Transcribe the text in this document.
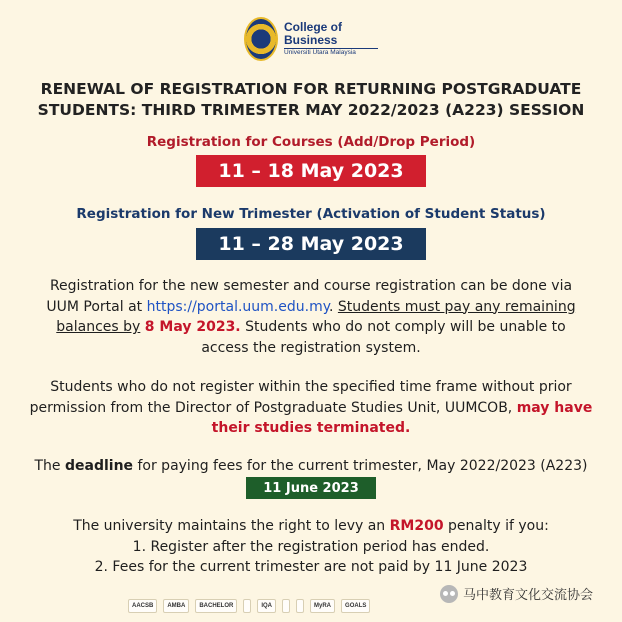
College of
Business
Universiti Utara Malaysia
RENEWAL OF REGISTRATION FOR RETURNING POSTGRADUATE
STUDENTS: THIRD TRIMESTER MAY 2022/2023 (A223) SESSION
Registration for Courses (Add/Drop Period)
11 – 18 May 2023
Registration for New Trimester (Activation of Student Status)
11 – 28 May 2023
Registration for the new semester and course registration can be done via
UUM Portal at https://portal.uum.edu.my. Students must pay any remaining
balances by 8 May 2023. Students who do not comply will be unable to
access the registration system.
Students who do not register within the specified time frame without prior
permission from the Director of Postgraduate Studies Unit, UUMCOB, may have
their studies terminated.
The deadline for paying fees for the current trimester, May 2022/2023 (A223)
11 June 2023
The university maintains the right to levy an RM200 penalty if you:
1. Register after the registration period has ended.
2. Fees for the current trimester are not paid by 11 June 2023
AACSB	AMBA	BACHELOR	IQA	MyRA	GOALS
马中教育文化交流协会
